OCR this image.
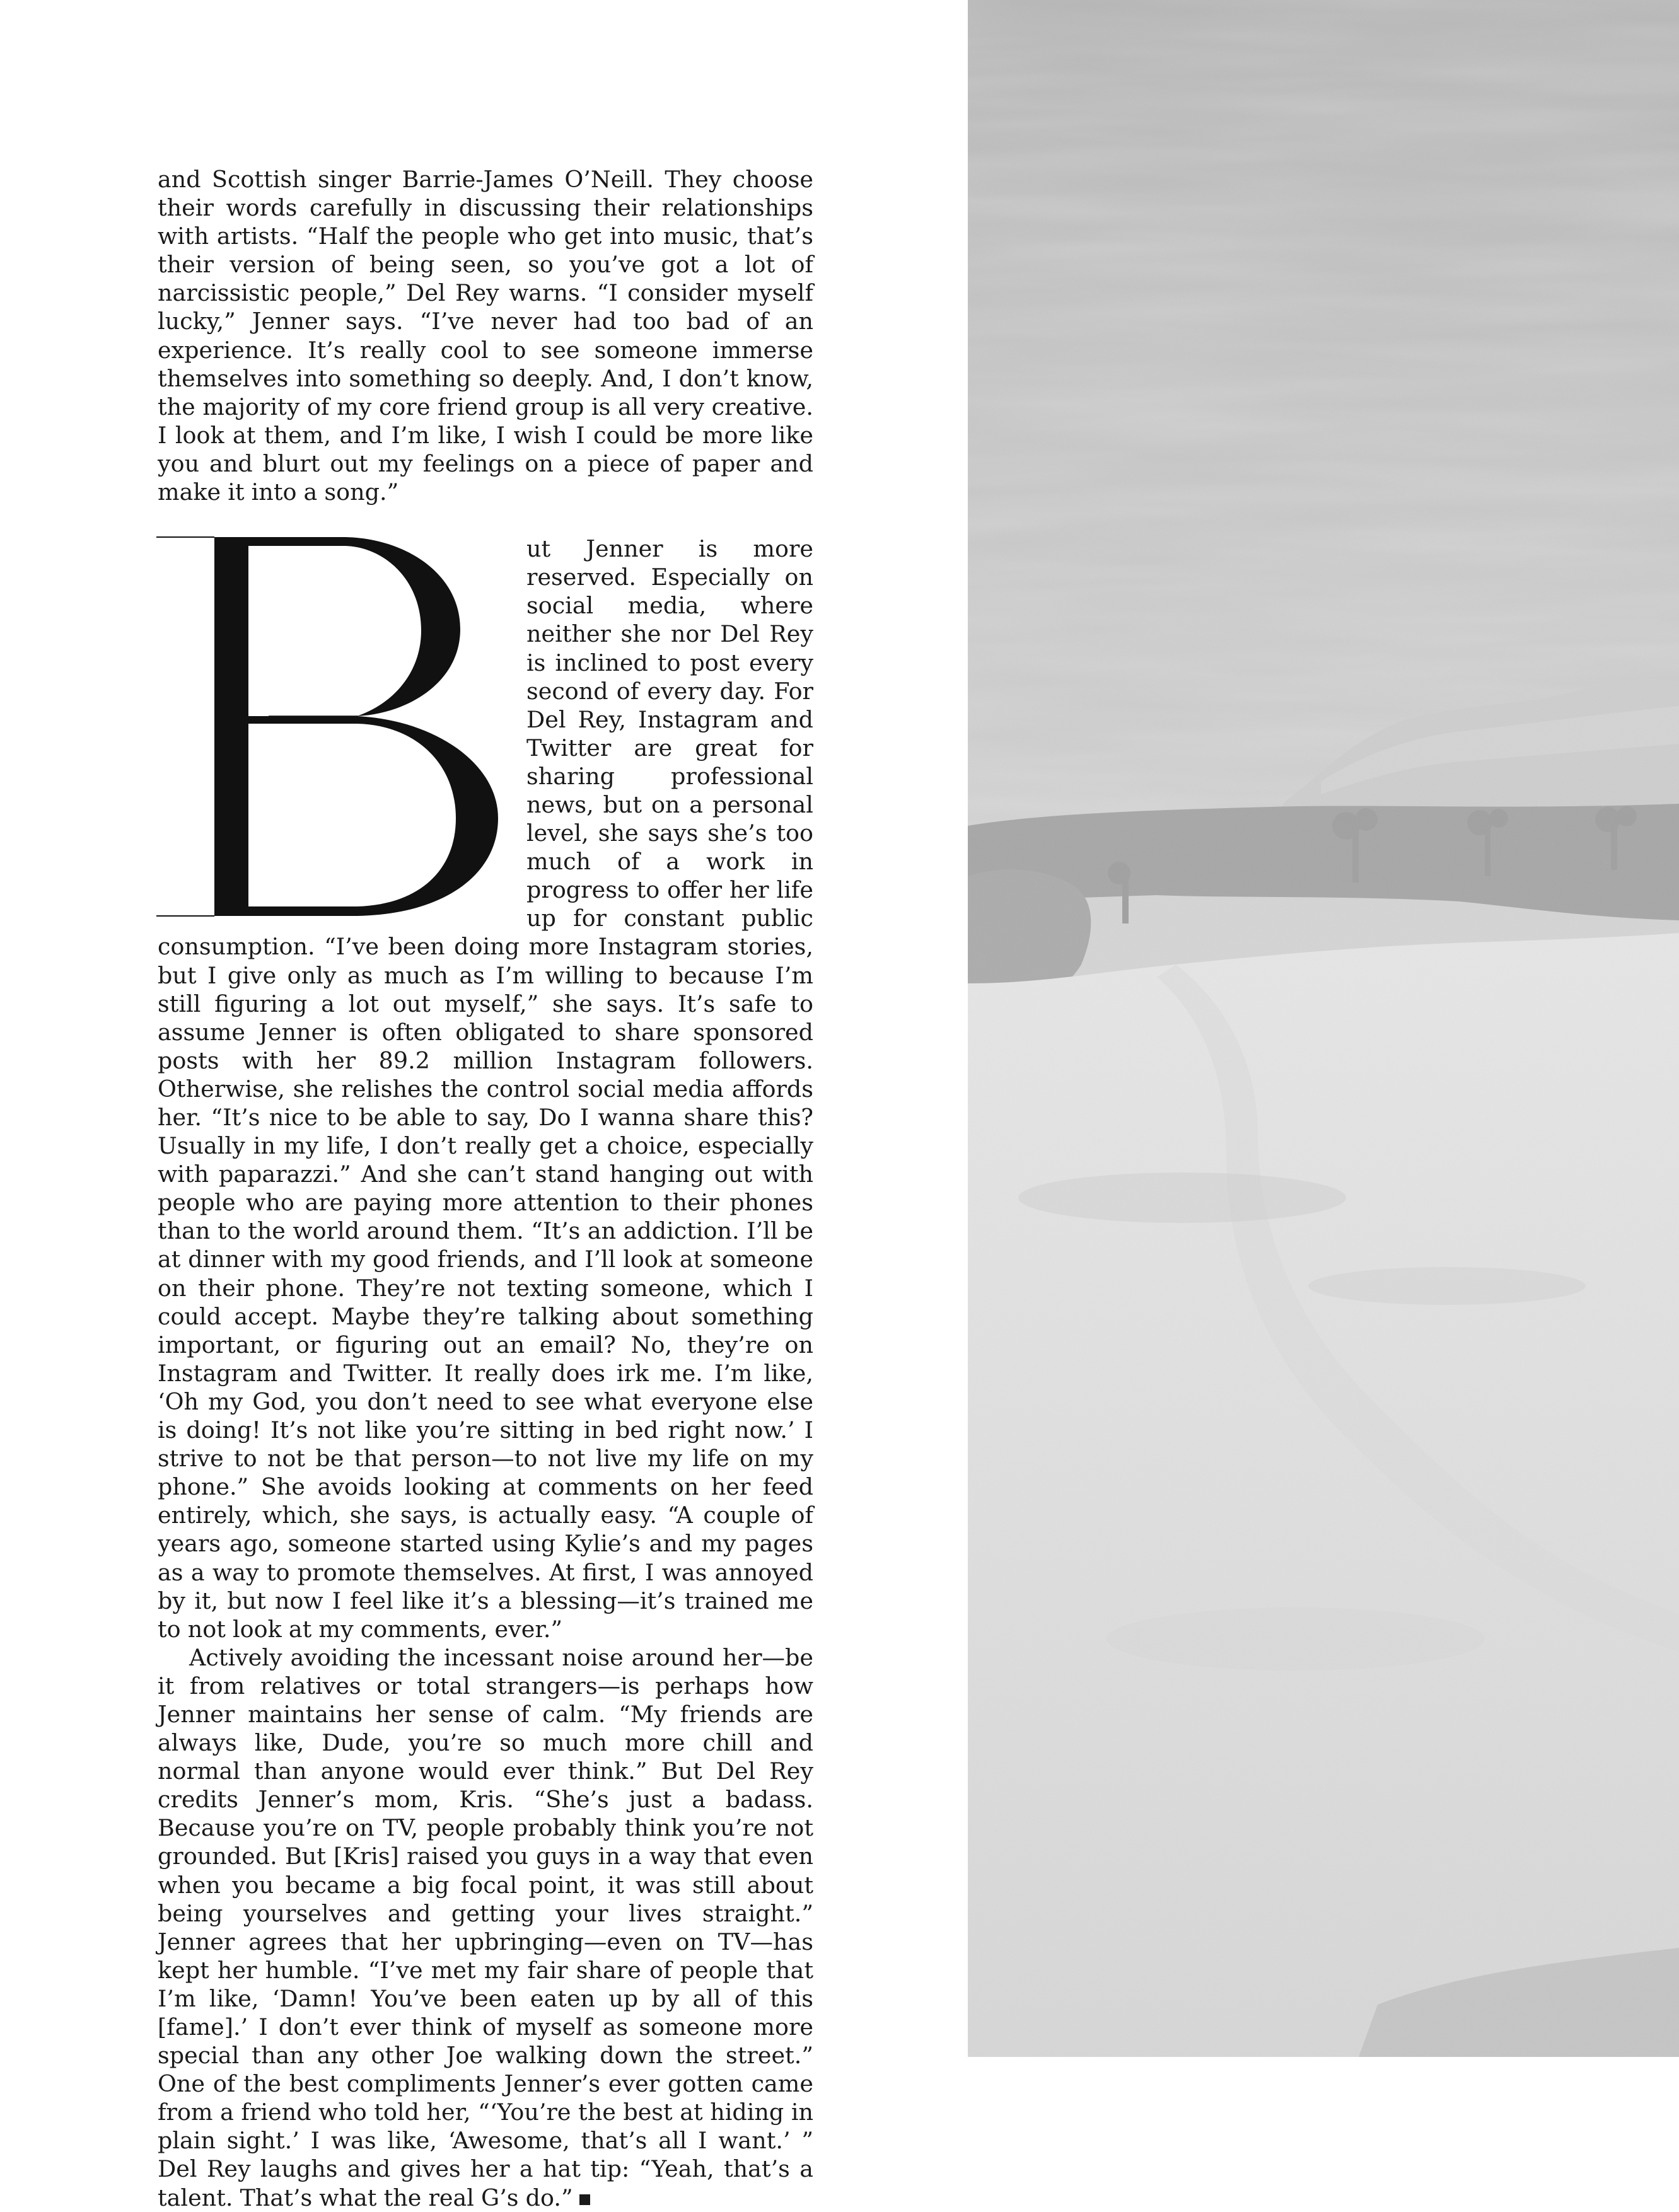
and Scottish singer Barrie-James O’Neill. They choose their words carefully in discussing their relationships with artists. “Half the people who get into music, that’s their version of being seen, so you’ve got a lot of narcissistic people,” Del Rey warns. “I consider myself lucky,” Jenner says. “I’ve never had too bad of an experience. It’s really cool to see someone immerse themselves into something so deeply. And, I don’t know, the majority of my core friend group is all very creative. I look at them, and I’m like, I wish I could be more like you and blurt out my feelings on a piece of paper and make it into a song.”

ut Jenner is more reserved. Especially on social media, where neither she nor Del Rey is inclined to post every second of every day. For Del Rey, Instagram and Twitter are great for sharing professional news, but on a personal level, she says she’s too much of a work in progress to offer her life up for constant public consumption. “I’ve been doing more Instagram stories, but I give only as much as I’m willing to because I’m still figuring a lot out myself,” she says. It’s safe to assume Jenner is often obligated to share sponsored posts with her 89.2 million Instagram followers. Otherwise, she relishes the control social media affords her. “It’s nice to be able to say, Do I wanna share this? Usually in my life, I don’t really get a choice, especially with paparazzi.” And she can’t stand hanging out with people who are paying more attention to their phones than to the world around them. “It’s an addiction. I’ll be at dinner with my good friends, and I’ll look at someone on their phone. They’re not texting someone, which I could accept. Maybe they’re talking about something important, or figuring out an email? No, they’re on Instagram and Twitter. It really does irk me. I’m like, ‘Oh my God, you don’t need to see what everyone else is doing! It’s not like you’re sitting in bed right now.’ I strive to not be that person—to not live my life on my phone.” She avoids looking at comments on her feed entirely, which, she says, is actually easy. “A couple of years ago, someone started using Kylie’s and my pages as a way to promote themselves. At first, I was annoyed by it, but now I feel like it’s a blessing—it’s trained me to not look at my comments, ever.”

Actively avoiding the incessant noise around her—be it from relatives or total strangers—is perhaps how Jenner maintains her sense of calm. “My friends are always like, Dude, you’re so much more chill and normal than anyone would ever think.” But Del Rey credits Jenner’s mom, Kris. “She’s just a badass. Because you’re on TV, people probably think you’re not grounded. But [Kris] raised you guys in a way that even when you became a big focal point, it was still about being yourselves and getting your lives straight.” Jenner agrees that her upbringing—even on TV—has kept her humble. “I’ve met my fair share of people that I’m like, ‘Damn! You’ve been eaten up by all of this [fame].’ I don’t ever think of myself as someone more special than any other Joe walking down the street.” One of the best compliments Jenner’s ever gotten came from a friend who told her, “‘You’re the best at hiding in plain sight.’ I was like, ‘Awesome, that’s all I want.’ ” Del Rey laughs and gives her a hat tip: “Yeah, that’s a talent. That’s what the real G’s do.”
